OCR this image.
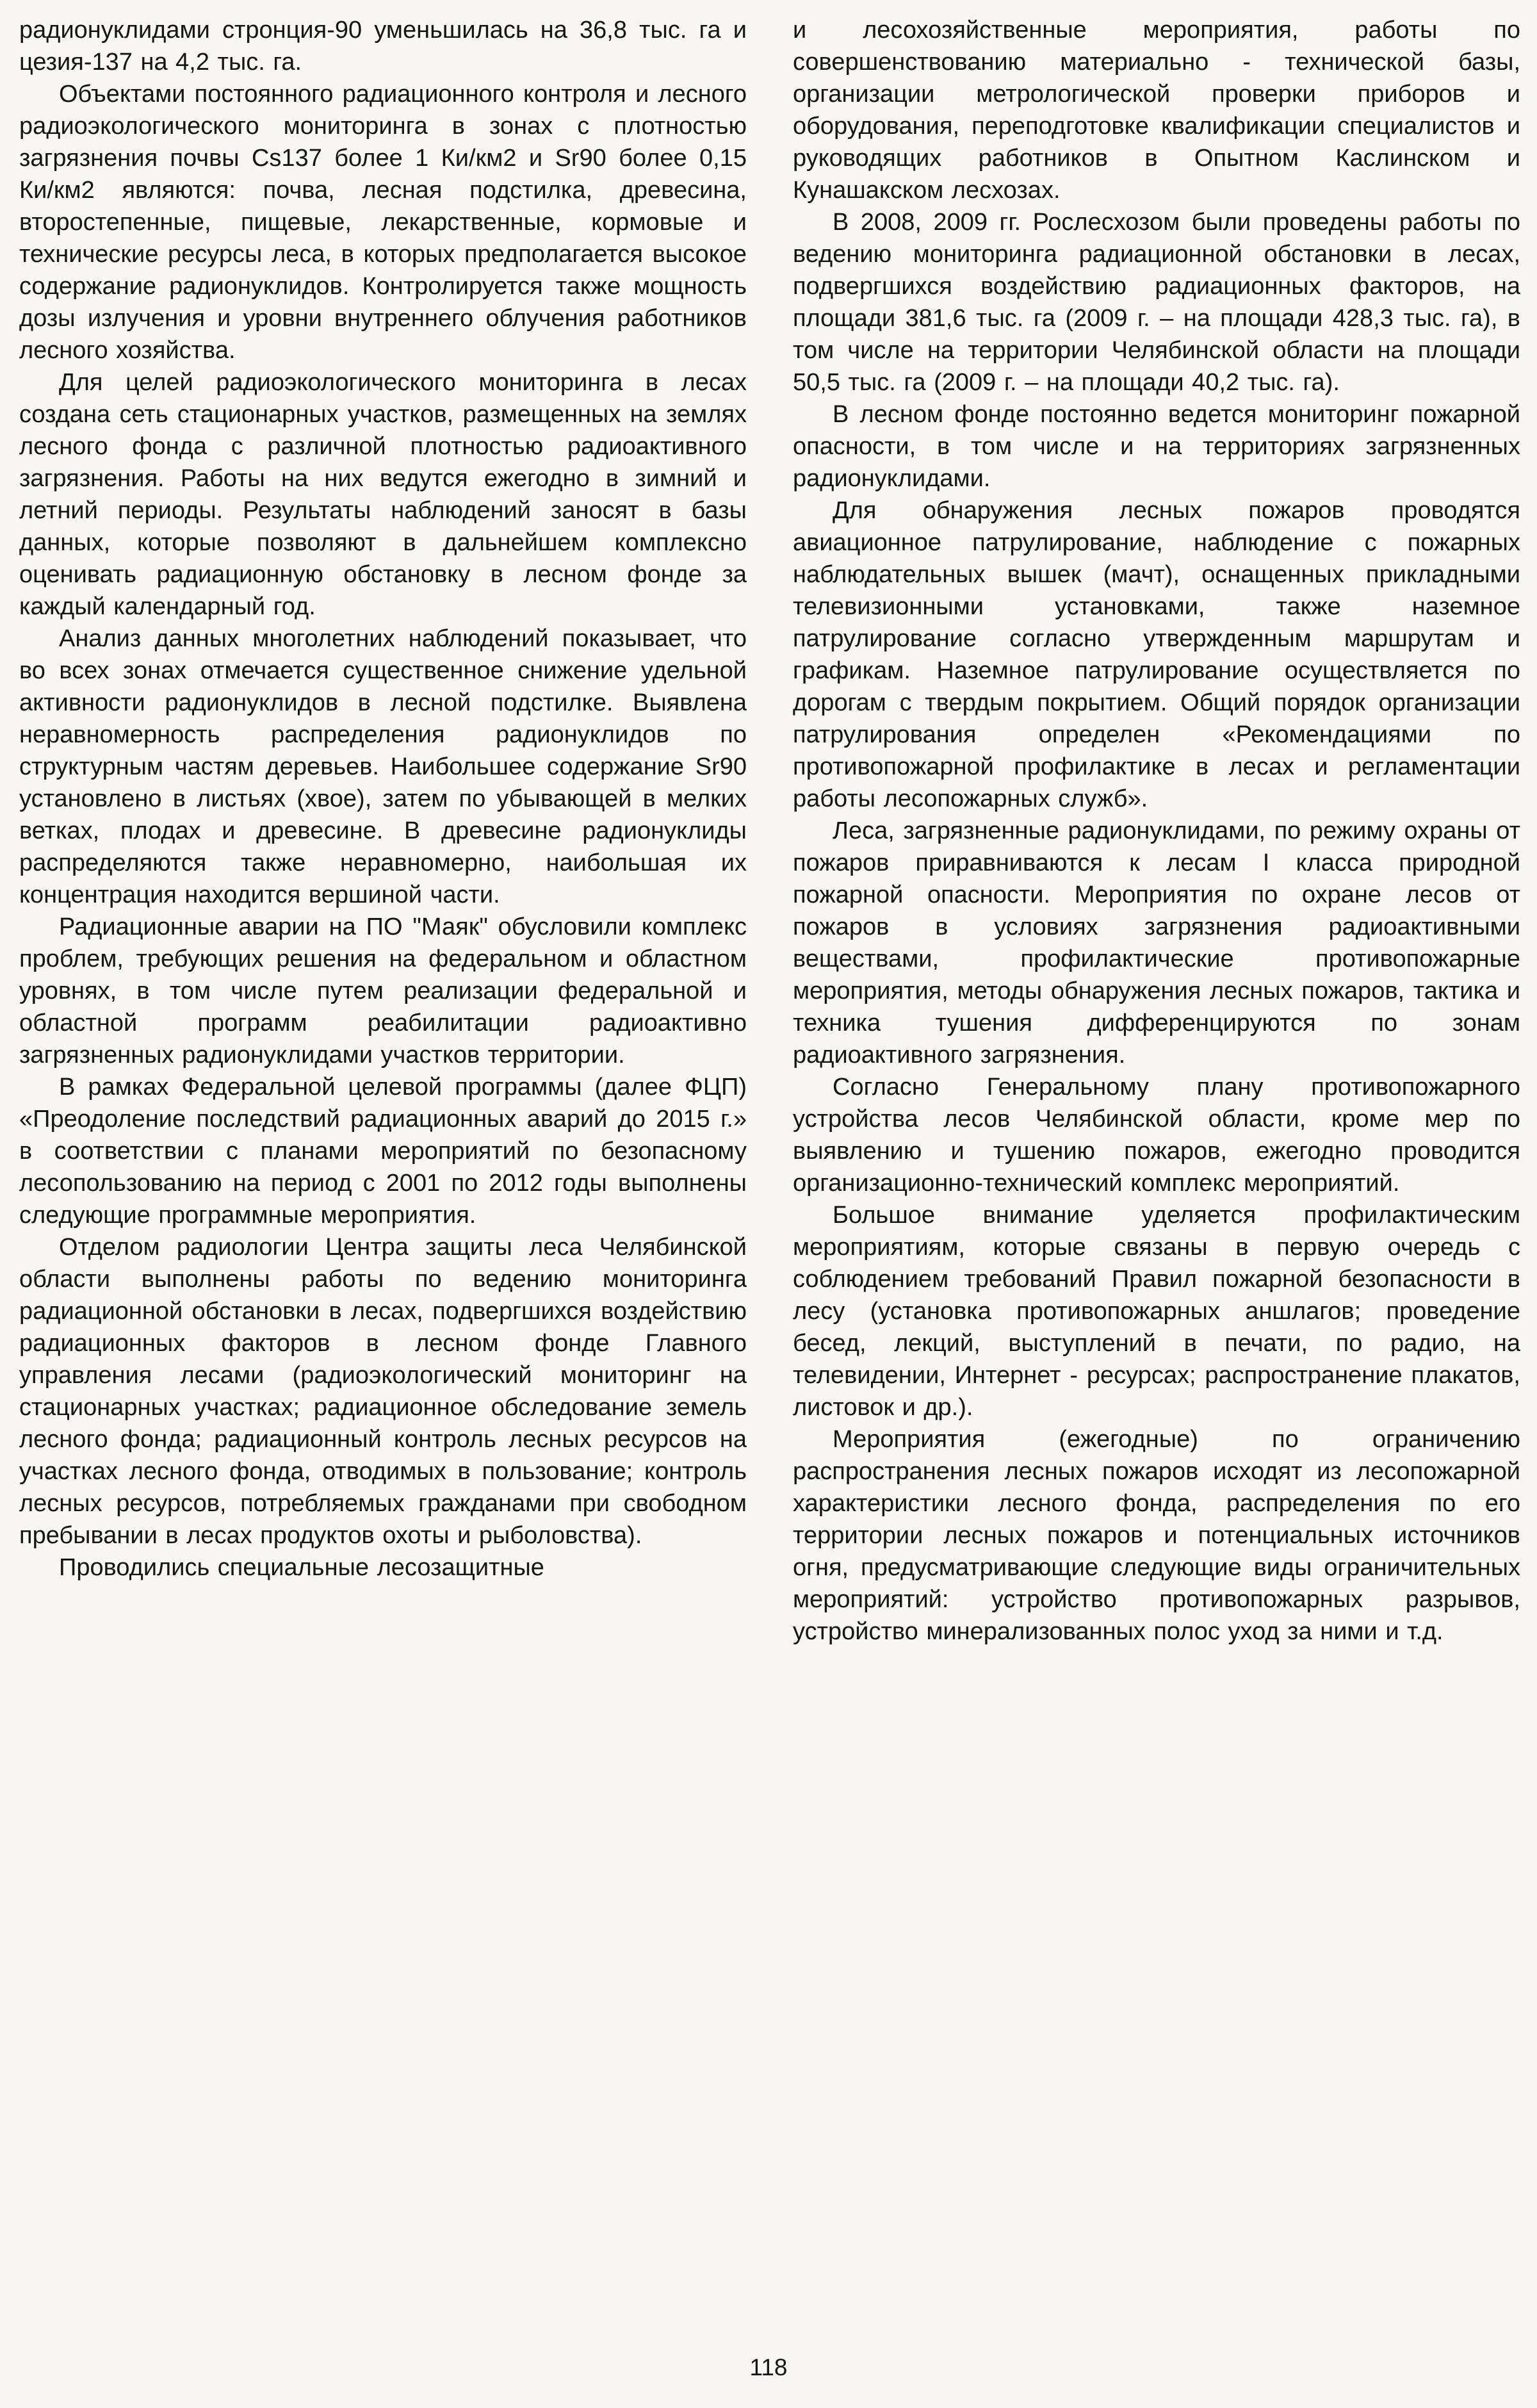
радионуклидами стронция-90 уменьшилась на 36,8 тыс. га и цезия-137 на 4,2 тыс. га.

Объектами постоянного радиационного контроля и лесного радиоэкологического мониторинга в зонах с плотностью загрязнения почвы Cs137 более 1 Ки/км2 и Sr90 более 0,15 Ки/км2 являются: почва, лесная подстилка, древесина, второстепенные, пищевые, лекарственные, кормовые и технические ресурсы леса, в которых предполагается высокое содержание радионуклидов. Контролируется также мощность дозы излучения и уровни внутреннего облучения работников лесного хозяйства.

Для целей радиоэкологического мониторинга в лесах создана сеть стационарных участков, размещенных на землях лесного фонда с различной плотностью радиоактивного загрязнения. Работы на них ведутся ежегодно в зимний и летний периоды. Результаты наблюдений заносят в базы данных, которые позволяют в дальнейшем комплексно оценивать радиационную обстановку в лесном фонде за каждый календарный год.

Анализ данных многолетних наблюдений показывает, что во всех зонах отмечается существенное снижение удельной активности радионуклидов в лесной подстилке. Выявлена неравномерность распределения радионуклидов по структурным частям деревьев. Наибольшее содержание Sr90 установлено в листьях (хвое), затем по убывающей в мелких ветках, плодах и древесине. В древесине радионуклиды распределяются также неравномерно, наибольшая их концентрация находится вершиной части.

Радиационные аварии на ПО "Маяк" обусловили комплекс проблем, требующих решения на федеральном и областном уровнях, в том числе путем реализации федеральной и областной программ реабилитации радиоактивно загрязненных радионуклидами участков территории.

В рамках Федеральной целевой программы (далее ФЦП) «Преодоление последствий радиационных аварий до 2015 г.» в соответствии с планами мероприятий по безопасному лесопользованию на период с 2001 по 2012 годы выполнены следующие программные мероприятия.

Отделом радиологии Центра защиты леса Челябинской области выполнены работы по ведению мониторинга радиационной обстановки в лесах, подвергшихся воздействию радиационных факторов в лесном фонде Главного управления лесами (радиоэкологический мониторинг на стационарных участках; радиационное обследование земель лесного фонда; радиационный контроль лесных ресурсов на участках лесного фонда, отводимых в пользование; контроль лесных ресурсов, потребляемых гражданами при свободном пребывании в лесах продуктов охоты и рыболовства).

Проводились специальные лесозащитные

и лесохозяйственные мероприятия, работы по совершенствованию материально - технической базы, организации метрологической проверки приборов и оборудования, переподготовке квалификации специалистов и руководящих работников в Опытном Каслинском и Кунашакском лесхозах.

В 2008, 2009 гг. Рослесхозом были проведены работы по ведению мониторинга радиационной обстановки в лесах, подвергшихся воздействию радиационных факторов, на площади 381,6 тыс. га (2009 г. – на площади 428,3 тыс. га), в том числе на территории Челябинской области на площади 50,5 тыс. га (2009 г. – на площади 40,2 тыс. га).

В лесном фонде постоянно ведется мониторинг пожарной опасности, в том числе и на территориях загрязненных радионуклидами.

Для обнаружения лесных пожаров проводятся авиационное патрулирование, наблюдение с пожарных наблюдательных вышек (мачт), оснащенных прикладными телевизионными установками, также наземное патрулирование согласно утвержденным маршрутам и графикам. Наземное патрулирование осуществляется по дорогам с твердым покрытием. Общий порядок организации патрулирования определен «Рекомендациями по противопожарной профилактике в лесах и регламентации работы лесопожарных служб».

Леса, загрязненные радионуклидами, по режиму охраны от пожаров приравниваются к лесам I класса природной пожарной опасности. Мероприятия по охране лесов от пожаров в условиях загрязнения радиоактивными веществами, профилактические противопожарные мероприятия, методы обнаружения лесных пожаров, тактика и техника тушения дифференцируются по зонам радиоактивного загрязнения.

Согласно Генеральному плану противопожарного устройства лесов Челябинской области, кроме мер по выявлению и тушению пожаров, ежегодно проводится организационно-технический комплекс мероприятий.

Большое внимание уделяется профилактическим мероприятиям, которые связаны в первую очередь с соблюдением требований Правил пожарной безопасности в лесу (установка противопожарных аншлагов; проведение бесед, лекций, выступлений в печати, по радио, на телевидении, Интернет - ресурсах; распространение плакатов, листовок и др.).

Мероприятия (ежегодные) по ограничению распространения лесных пожаров исходят из лесопожарной характеристики лесного фонда, распределения по его территории лесных пожаров и потенциальных источников огня, предусматривающие следующие виды ограничительных мероприятий: устройство противопожарных разрывов, устройство минерализованных полос уход за ними и т.д.

118
